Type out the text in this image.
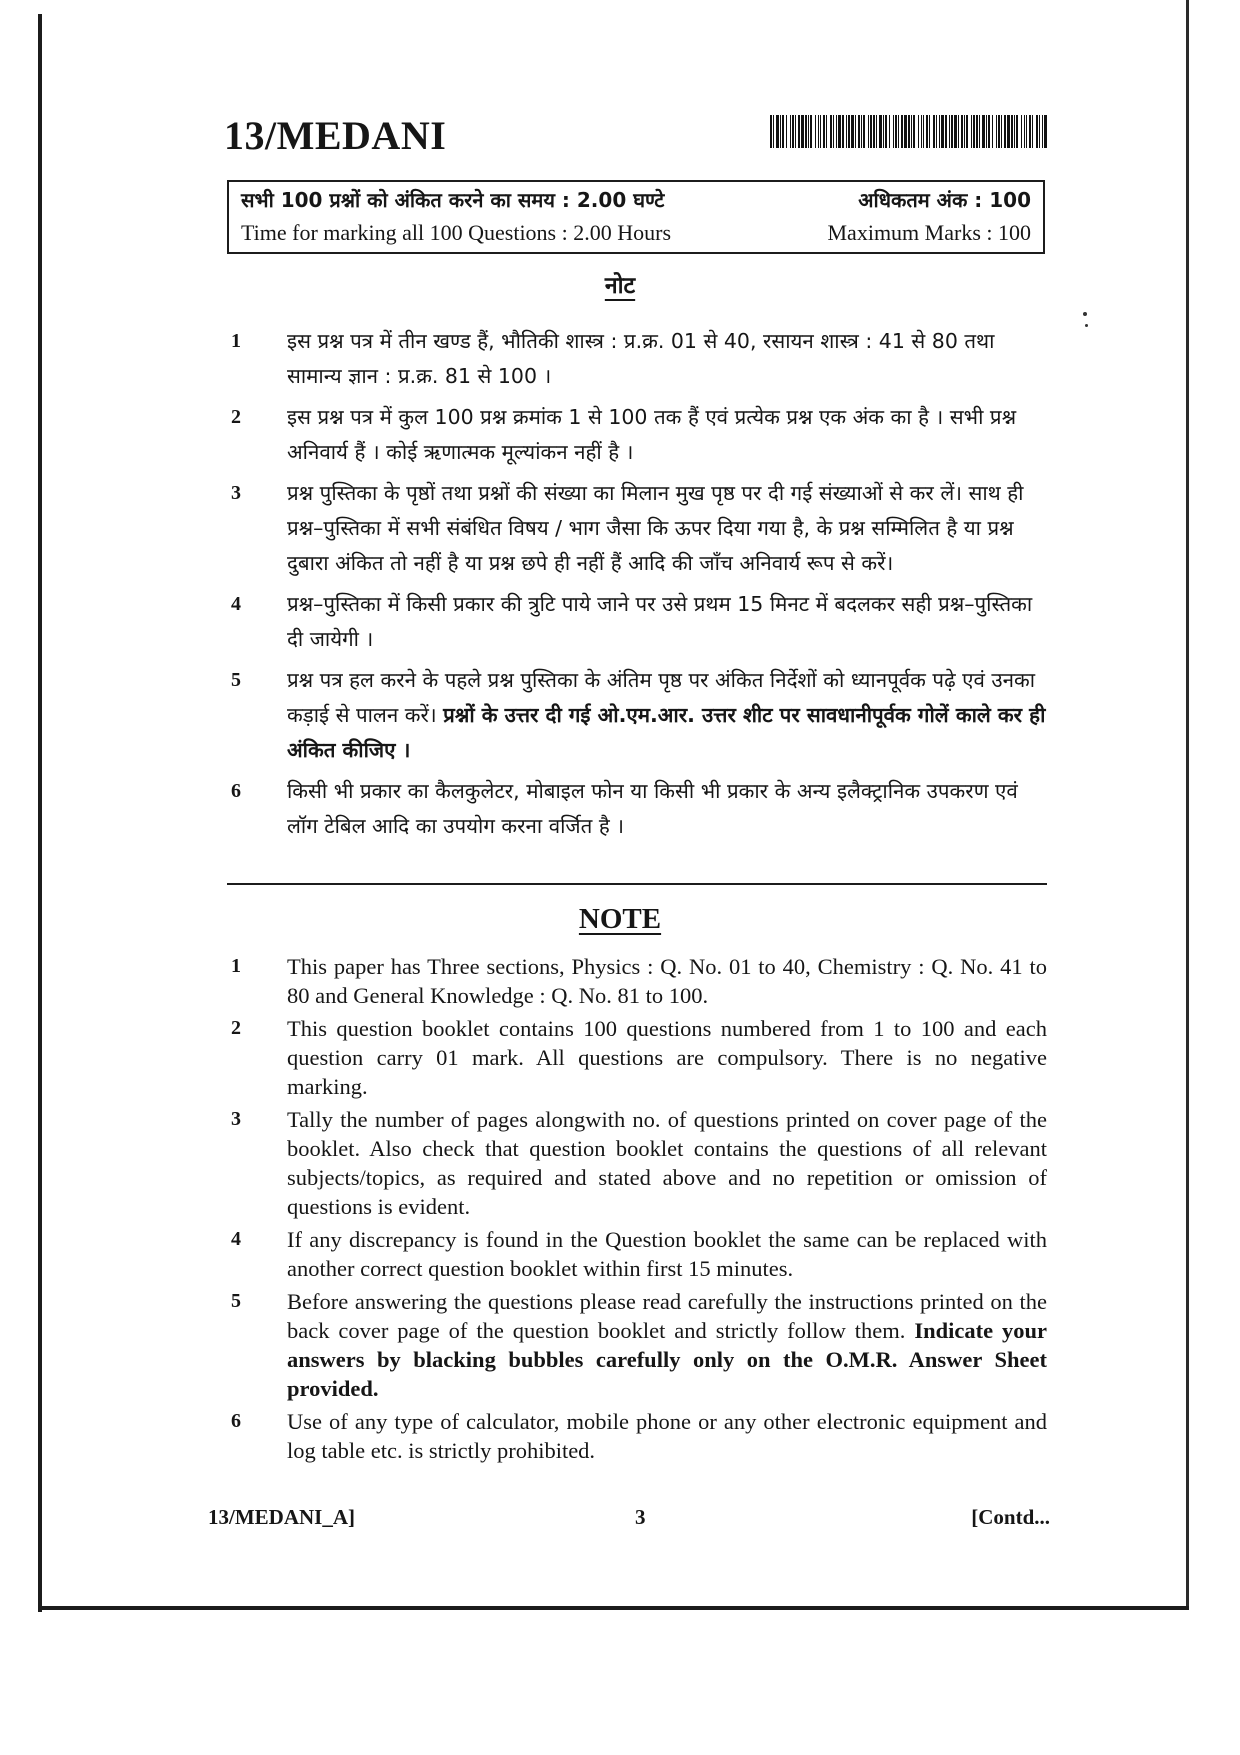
13/MEDANI
सभी 100 प्रश्नों को अंकित करने का समय : 2.00 घण्टे	अधिकतम अंक : 100
Time for marking all 100 Questions : 2.00 Hours	Maximum Marks : 100
नोट
1 इस प्रश्न पत्र में तीन खण्ड हैं, भौतिकी शास्त्र : प्र.क्र. 01 से 40, रसायन शास्त्र : 41 से 80 तथा सामान्य ज्ञान : प्र.क्र. 81 से 100 ।
2 इस प्रश्न पत्र में कुल 100 प्रश्न क्रमांक 1 से 100 तक हैं एवं प्रत्येक प्रश्न एक अंक का है । सभी प्रश्न अनिवार्य हैं । कोई ऋणात्मक मूल्यांकन नहीं है ।
3 प्रश्न पुस्तिका के पृष्ठों तथा प्रश्नों की संख्या का मिलान मुख पृष्ठ पर दी गई संख्याओं से कर लें। साथ ही प्रश्न–पुस्तिका में सभी संबंधित विषय / भाग जैसा कि ऊपर दिया गया है, के प्रश्न सम्मिलित है या प्रश्न दुबारा अंकित तो नहीं है या प्रश्न छपे ही नहीं हैं आदि की जाँच अनिवार्य रूप से करें।
4 प्रश्न–पुस्तिका में किसी प्रकार की त्रुटि पाये जाने पर उसे प्रथम 15 मिनट में बदलकर सही प्रश्न–पुस्तिका दी जायेगी ।
5 प्रश्न पत्र हल करने के पहले प्रश्न पुस्तिका के अंतिम पृष्ठ पर अंकित निर्देशों को ध्यानपूर्वक पढ़े एवं उनका कड़ाई से पालन करें। प्रश्नों के उत्तर दी गई ओ.एम.आर. उत्तर शीट पर सावधानीपूर्वक गोलें काले कर ही अंकित कीजिए ।
6 किसी भी प्रकार का कैलकुलेटर, मोबाइल फोन या किसी भी प्रकार के अन्य इलैक्ट्रानिक उपकरण एवं लॉग टेबिल आदि का उपयोग करना वर्जित है ।
NOTE
1 This paper has Three sections, Physics : Q. No. 01 to 40, Chemistry : Q. No. 41 to 80 and General Knowledge : Q. No. 81 to 100.
2 This question booklet contains 100 questions numbered from 1 to 100 and each question carry 01 mark. All questions are compulsory. There is no negative marking.
3 Tally the number of pages alongwith no. of questions printed on cover page of the booklet. Also check that question booklet contains the questions of all relevant subjects/topics, as required and stated above and no repetition or omission of questions is evident.
4 If any discrepancy is found in the Question booklet the same can be replaced with another correct question booklet within first 15 minutes.
5 Before answering the questions please read carefully the instructions printed on the back cover page of the question booklet and strictly follow them. Indicate your answers by blacking bubbles carefully only on the O.M.R. Answer Sheet provided.
6 Use of any type of calculator, mobile phone or any other electronic equipment and log table etc. is strictly prohibited.
13/MEDANI_A]	3	[Contd...
